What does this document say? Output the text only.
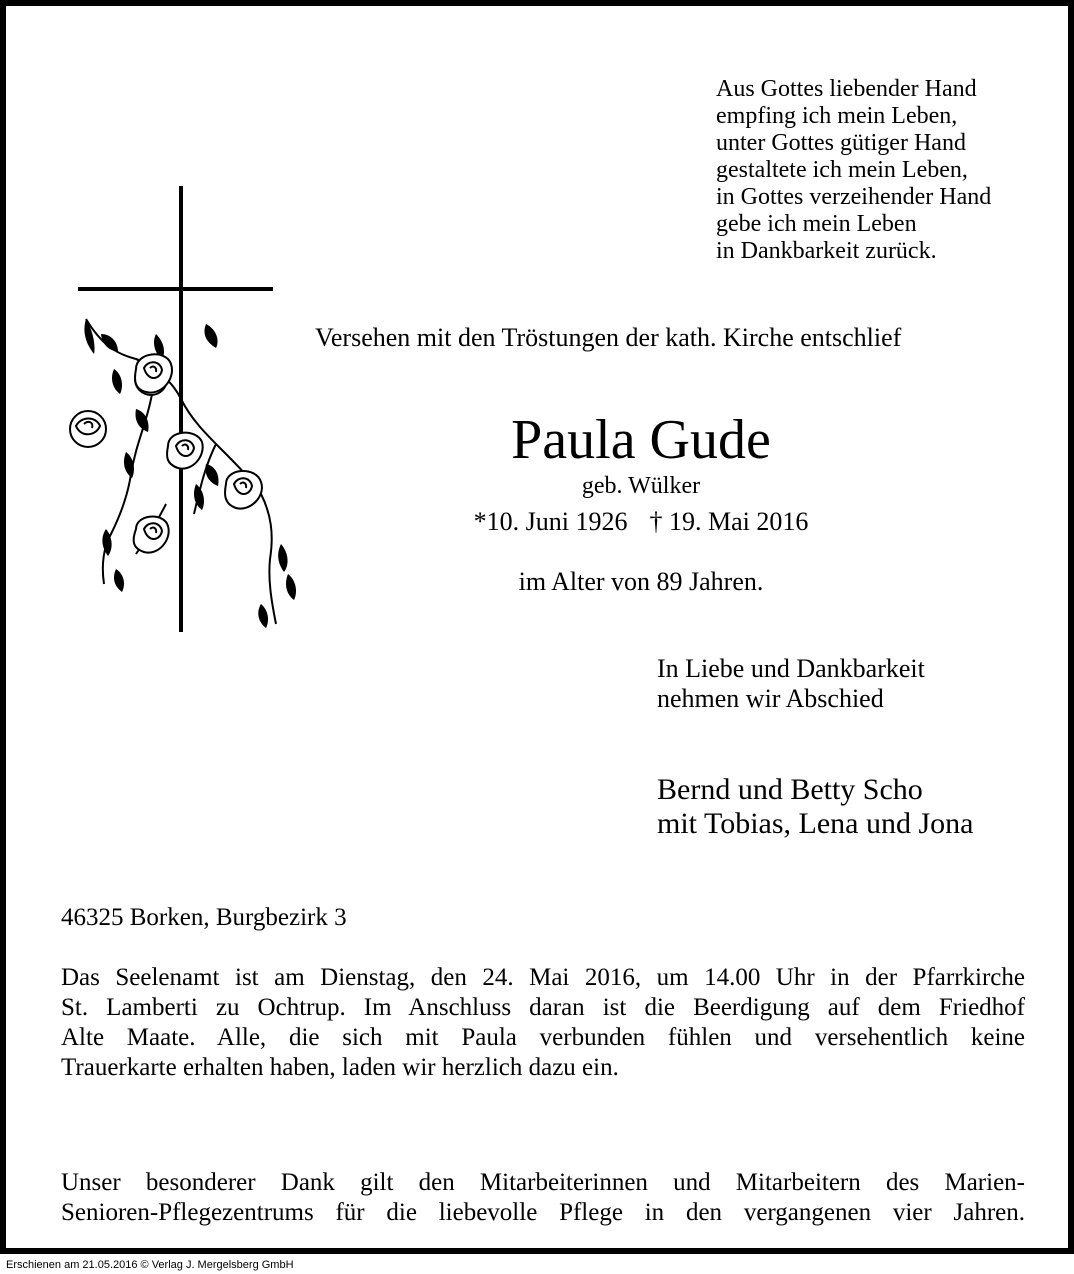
Aus Gottes liebender Hand
empfing ich mein Leben,
unter Gottes gütiger Hand
gestaltete ich mein Leben,
in Gottes verzeihender Hand
gebe ich mein Leben
in Dankbarkeit zurück.
Versehen mit den Tröstungen der kath. Kirche entschlief
Paula Gude
geb. Wülker
*10. Juni 1926 † 19. Mai 2016
im Alter von 89 Jahren.
In Liebe und Dankbarkeit
nehmen wir Abschied
Bernd und Betty Scho
mit Tobias, Lena und Jona
46325 Borken, Burgbezirk 3
Das Seelenamt ist am Dienstag, den 24. Mai 2016, um 14.00 Uhr in der Pfarrkirche
St. Lamberti zu Ochtrup. Im Anschluss daran ist die Beerdigung auf dem Friedhof
Alte Maate. Alle, die sich mit Paula verbunden fühlen und versehentlich keine
Trauerkarte erhalten haben, laden wir herzlich dazu ein.
Unser besonderer Dank gilt den Mitarbeiterinnen und Mitarbeitern des Marien-
Senioren-Pflegezentrums für die liebevolle Pflege in den vergangenen vier Jahren.
Erschienen am 21.05.2016 © Verlag J. Mergelsberg GmbH
